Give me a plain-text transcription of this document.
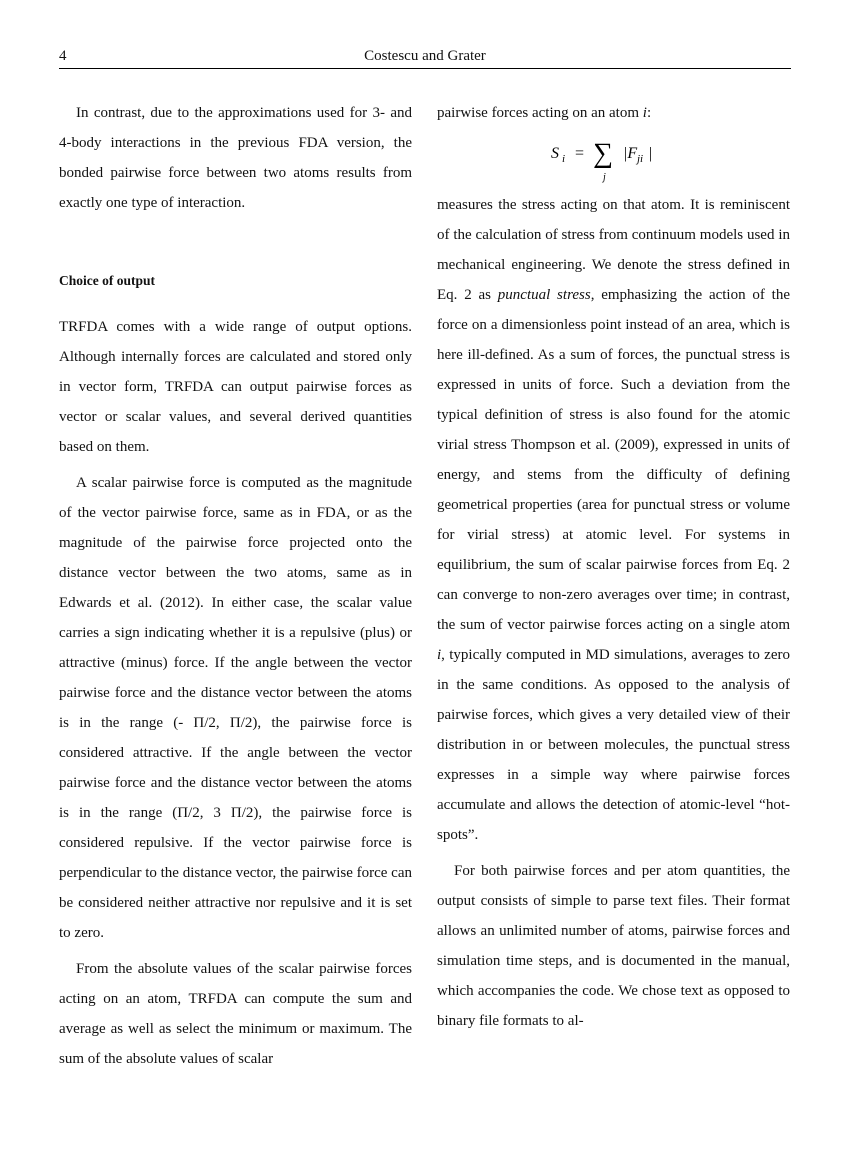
4	Costescu and Grater

In contrast, due to the approximations used for 3- and 4-body interactions in the previous FDA version, the bonded pairwise force between two atoms results from exactly one type of interaction.

Choice of output

TRFDA comes with a wide range of output options. Although internally forces are calculated and stored only in vector form, TRFDA can output pairwise forces as vector or scalar values, and several derived quantities based on them.

A scalar pairwise force is computed as the magnitude of the vector pairwise force, same as in FDA, or as the magnitude of the pairwise force projected onto the distance vector between the two atoms, same as in Edwards et al. (2012). In either case, the scalar value carries a sign indicating whether it is a repulsive (plus) or attractive (minus) force. If the angle between the vector pairwise force and the distance vector between the atoms is in the range (- Π/2, Π/2), the pairwise force is considered attractive. If the angle between the vector pairwise force and the distance vector between the atoms is in the range (Π/2, 3 Π/2), the pairwise force is considered repulsive. If the vector pairwise force is perpendicular to the distance vector, the pairwise force can be considered neither attractive nor repulsive and it is set to zero.

From the absolute values of the scalar pairwise forces acting on an atom, TRFDA can compute the sum and average as well as select the minimum or maximum. The sum of the absolute values of scalar

pairwise forces acting on an atom i:

S i = ∑
j
|F ji |

measures the stress acting on that atom. It is reminiscent of the calculation of stress from continuum models used in mechanical engineering. We denote the stress defined in Eq. 2 as punctual stress, emphasizing the action of the force on a dimensionless point instead of an area, which is here ill-defined. As a sum of forces, the punctual stress is expressed in units of force. Such a deviation from the typical definition of stress is also found for the atomic virial stress Thompson et al. (2009), expressed in units of energy, and stems from the difficulty of defining geometrical properties (area for punctual stress or volume for virial stress) at atomic level. For systems in equilibrium, the sum of scalar pairwise forces from Eq. 2 can converge to non-zero averages over time; in contrast, the sum of vector pairwise forces acting on a single atom i, typically computed in MD simulations, averages to zero in the same conditions. As opposed to the analysis of pairwise forces, which gives a very detailed view of their distribution in or between molecules, the punctual stress expresses in a simple way where pairwise forces accumulate and allows the detection of atomic-level “hot-spots”.

For both pairwise forces and per atom quantities, the output consists of simple to parse text files. Their format allows an unlimited number of atoms, pairwise forces and simulation time steps, and is documented in the manual, which accompanies the code. We chose text as opposed to binary file formats to al-
